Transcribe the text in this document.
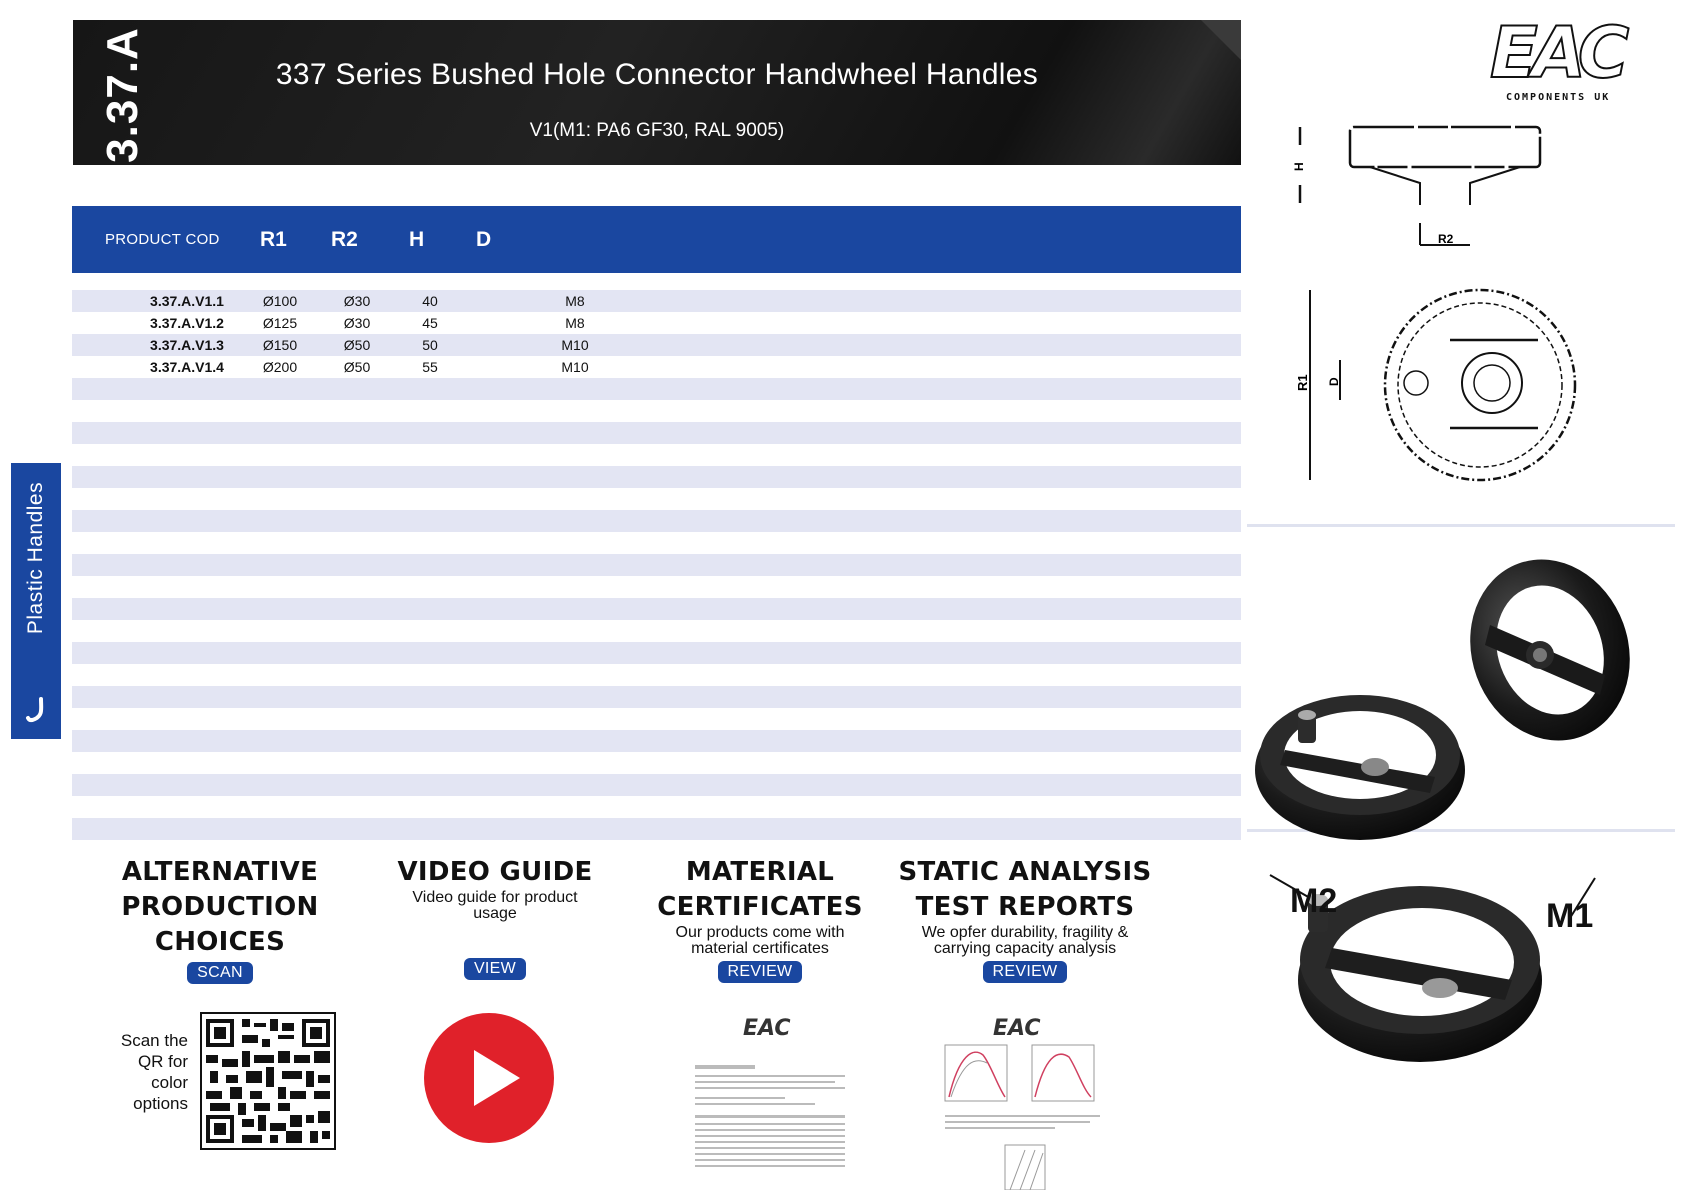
3.37.A	337 Series Bushed Hole Connector Handwheel Handles
V1(M1: PA6 GF30, RAL 9005)
EAC
COMPONENTS UK
PRODUCT COD R1 R2 H D
3.37.A.V1.1	Ø100	Ø30	40	M8
3.37.A.V1.2	Ø125	Ø30	45	M8
3.37.A.V1.3	Ø150	Ø50	50	M10
3.37.A.V1.4	Ø200	Ø50	55	M10
Plastic Handles
H
R2
R1 D
M2	M1
ALTERNATIVE
PRODUCTION
CHOICES
SCAN
Scan the QR for color options
VIDEO GUIDE
Video guide for product usage
VIEW
MATERIAL
CERTIFICATES
Our products come with material certificates
REVIEW
EAC
STATIC ANALYSIS
TEST REPORTS
We opfer durability, fragility & carrying capacity analysis
REVIEW
EAC
